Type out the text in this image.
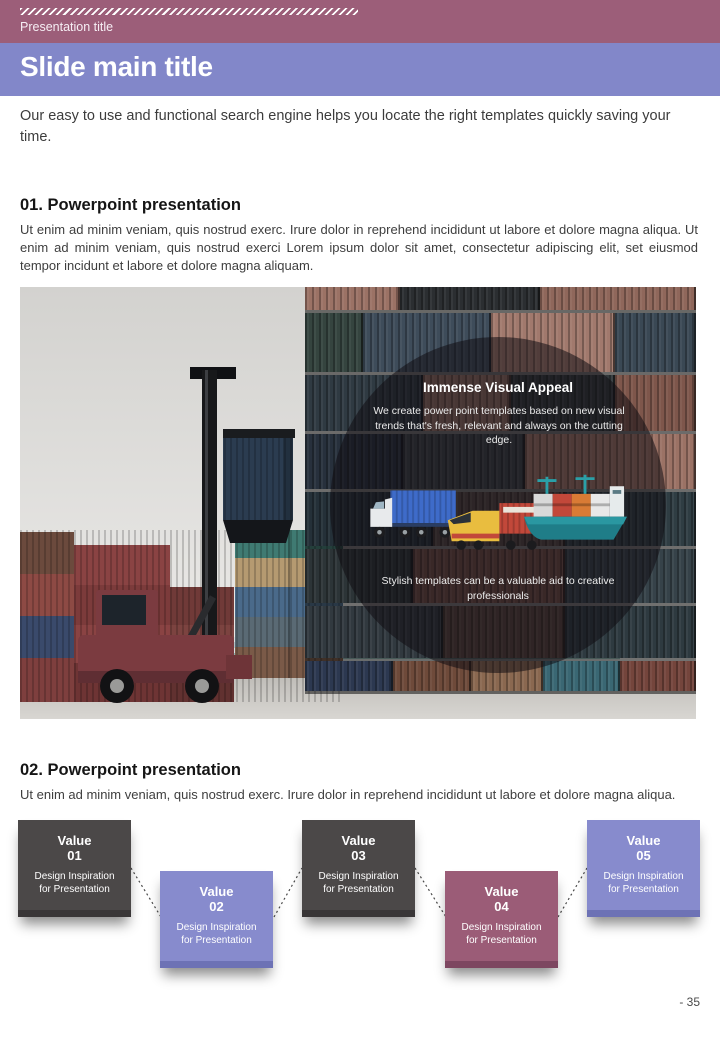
Presentation title
Slide main title
Our easy to use and functional search engine helps you locate the right templates quickly saving your time.
01. Powerpoint presentation
Ut enim ad minim veniam, quis nostrud exerc. Irure dolor in reprehend incididunt ut labore et dolore magna aliqua. Ut enim ad minim veniam, quis nostrud exerci Lorem ipsum dolor sit amet, consectetur adipiscing elit, set eiusmod tempor incidunt et labore et dolore magna aliquam.
Immense Visual Appeal
We create power point templates based on new visual trends that's fresh, relevant and always on the cutting edge.
Stylish templates can be a valuable aid to creative professionals
02. Powerpoint presentation
Ut enim ad minim veniam, quis nostrud exerc. Irure dolor in reprehend incididunt ut labore et dolore magna aliqua.
Value
01
Design Inspiration
for Presentation	Value
02
Design Inspiration
for Presentation
Value
03
Design Inspiration
for Presentation	Value
04
Design Inspiration
for Presentation
Value
05
Design Inspiration
for Presentation
- 35
